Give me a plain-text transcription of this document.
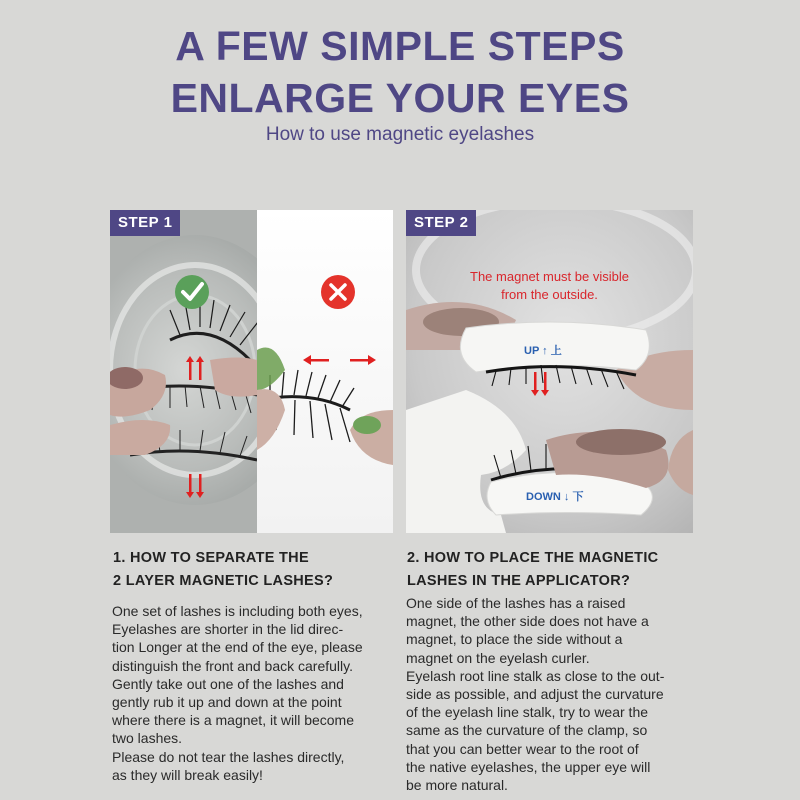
A FEW SIMPLE STEPS
ENLARGE YOUR EYES
How to use magnetic eyelashes
STEP 1	STEP 2
The magnet must be visible
from the outside.
UP ↑ 上
DOWN ↓ 下
1. HOW TO SEPARATE THE
2 LAYER MAGNETIC LASHES?
2. HOW TO PLACE THE MAGNETIC
LASHES IN THE APPLICATOR?

One set of lashes is including both eyes,

Eyelashes are shorter in the lid direc-

tion Longer at the end of the eye, please

distinguish the front and back carefully.

Gently take out one of the lashes and

gently rub it up and down at the point

where there is a magnet, it will become

two lashes.

Please do not tear the lashes directly,

as they will break easily!

One side of the lashes has a raised

magnet, the other side does not have a

magnet, to place the side without a

magnet on the eyelash curler.

Eyelash root line stalk as close to the out-

side as possible, and adjust the curvature

of the eyelash line stalk, try to wear the

same as the curvature of the clamp, so

that you can better wear to the root of

the native eyelashes, the upper eye will

be more natural.
